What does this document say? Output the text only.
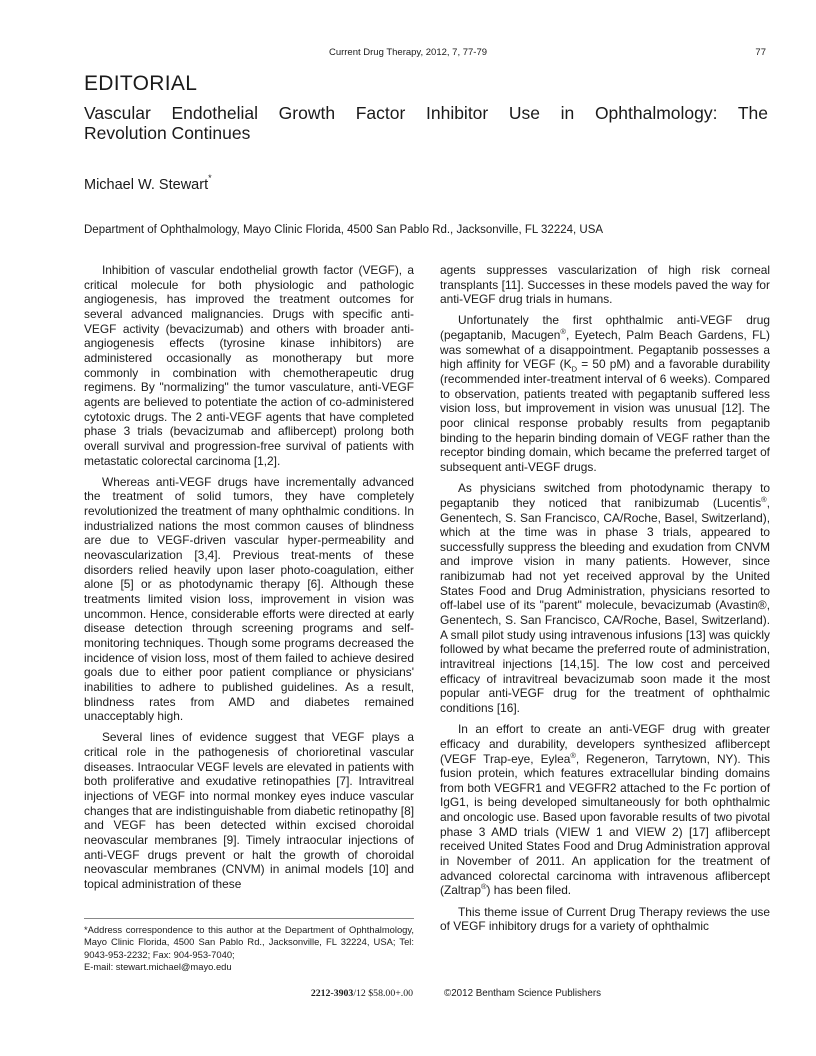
Current Drug Therapy, 2012, 7, 77-79	77
EDITORIAL
Vascular Endothelial Growth Factor Inhibitor Use in Ophthalmology: The
Revolution Continues
Michael W. Stewart*
Department of Ophthalmology, Mayo Clinic Florida, 4500 San Pablo Rd., Jacksonville, FL 32224, USA

Inhibition of vascular endothelial growth factor (VEGF), a critical molecule for both physiologic and pathologic angiogenesis, has improved the treatment outcomes for several advanced malignancies. Drugs with specific anti-VEGF activity (bevacizumab) and others with broader anti-angiogenesis effects (tyrosine kinase inhibitors) are administered occasionally as monotherapy but more commonly in combination with chemotherapeutic drug regimens. By "normalizing" the tumor vasculature, anti-VEGF agents are believed to potentiate the action of co-administered cytotoxic drugs. The 2 anti-VEGF agents that have completed phase 3 trials (bevacizumab and aflibercept) prolong both overall survival and progression-free survival of patients with metastatic colorectal carcinoma [1,2].

Whereas anti-VEGF drugs have incrementally advanced the treatment of solid tumors, they have completely revolutionized the treatment of many ophthalmic conditions. In industrialized nations the most common causes of blindness are due to VEGF-driven vascular hyper-permeability and neovascularization [3,4]. Previous treat-ments of these disorders relied heavily upon laser photo-coagulation, either alone [5] or as photodynamic therapy [6]. Although these treatments limited vision loss, improvement in vision was uncommon. Hence, considerable efforts were directed at early disease detection through screening programs and self-monitoring techniques. Though some programs decreased the incidence of vision loss, most of them failed to achieve desired goals due to either poor patient compliance or physicians' inabilities to adhere to published guidelines. As a result, blindness rates from AMD and diabetes remained unacceptably high.

Several lines of evidence suggest that VEGF plays a critical role in the pathogenesis of chorioretinal vascular diseases. Intraocular VEGF levels are elevated in patients with both proliferative and exudative retinopathies [7]. Intravitreal injections of VEGF into normal monkey eyes induce vascular changes that are indistinguishable from diabetic retinopathy [8] and VEGF has been detected within excised choroidal neovascular membranes [9]. Timely intraocular injections of anti-VEGF drugs prevent or halt the growth of choroidal neovascular membranes (CNVM) in animal models [10] and topical administration of these

agents suppresses vascularization of high risk corneal transplants [11]. Successes in these models paved the way for anti-VEGF drug trials in humans.

Unfortunately the first ophthalmic anti-VEGF drug (pegaptanib, Macugen®, Eyetech, Palm Beach Gardens, FL) was somewhat of a disappointment. Pegaptanib possesses a high affinity for VEGF ($K_D = 50$ pM) and a favorable durability (recommended inter-treatment interval of 6 weeks). Compared to observation, patients treated with pegaptanib suffered less vision loss, but improvement in vision was unusual [12]. The poor clinical response probably results from pegaptanib binding to the heparin binding domain of VEGF rather than the receptor binding domain, which became the preferred target of subsequent anti-VEGF drugs.

As physicians switched from photodynamic therapy to pegaptanib they noticed that ranibizumab (Lucentis®, Genentech, S. San Francisco, CA/Roche, Basel, Switzerland), which at the time was in phase 3 trials, appeared to successfully suppress the bleeding and exudation from CNVM and improve vision in many patients. However, since ranibizumab had not yet received approval by the United States Food and Drug Administration, physicians resorted to off-label use of its "parent" molecule, bevacizumab (Avastin®, Genentech, S. San Francisco, CA/Roche, Basel, Switzerland). A small pilot study using intravenous infusions [13] was quickly followed by what became the preferred route of administration, intravitreal injections [14,15]. The low cost and perceived efficacy of intravitreal bevacizumab soon made it the most popular anti-VEGF drug for the treatment of ophthalmic conditions [16].

In an effort to create an anti-VEGF drug with greater efficacy and durability, developers synthesized aflibercept (VEGF Trap-eye, Eylea®, Regeneron, Tarrytown, NY). This fusion protein, which features extracellular binding domains from both VEGFR1 and VEGFR2 attached to the Fc portion of IgG1, is being developed simultaneously for both ophthalmic and oncologic use. Based upon favorable results of two pivotal phase 3 AMD trials (VIEW 1 and VIEW 2) [17] aflibercept received United States Food and Drug Administration approval in November of 2011. An application for the treatment of advanced colorectal carcinoma with intravenous aflibercept (Zaltrap®) has been filed.

This theme issue of Current Drug Therapy reviews the use of VEGF inhibitory drugs for a variety of ophthalmic

*Address correspondence to this author at the Department of Ophthalmology, Mayo Clinic Florida, 4500 San Pablo Rd., Jacksonville, FL 32224, USA; Tel: 9043-953-2232; Fax: 904-953-7040;

E-mail: stewart.michael@mayo.edu

2212-3903/12 $58.00+.00	©2012 Bentham Science Publishers
